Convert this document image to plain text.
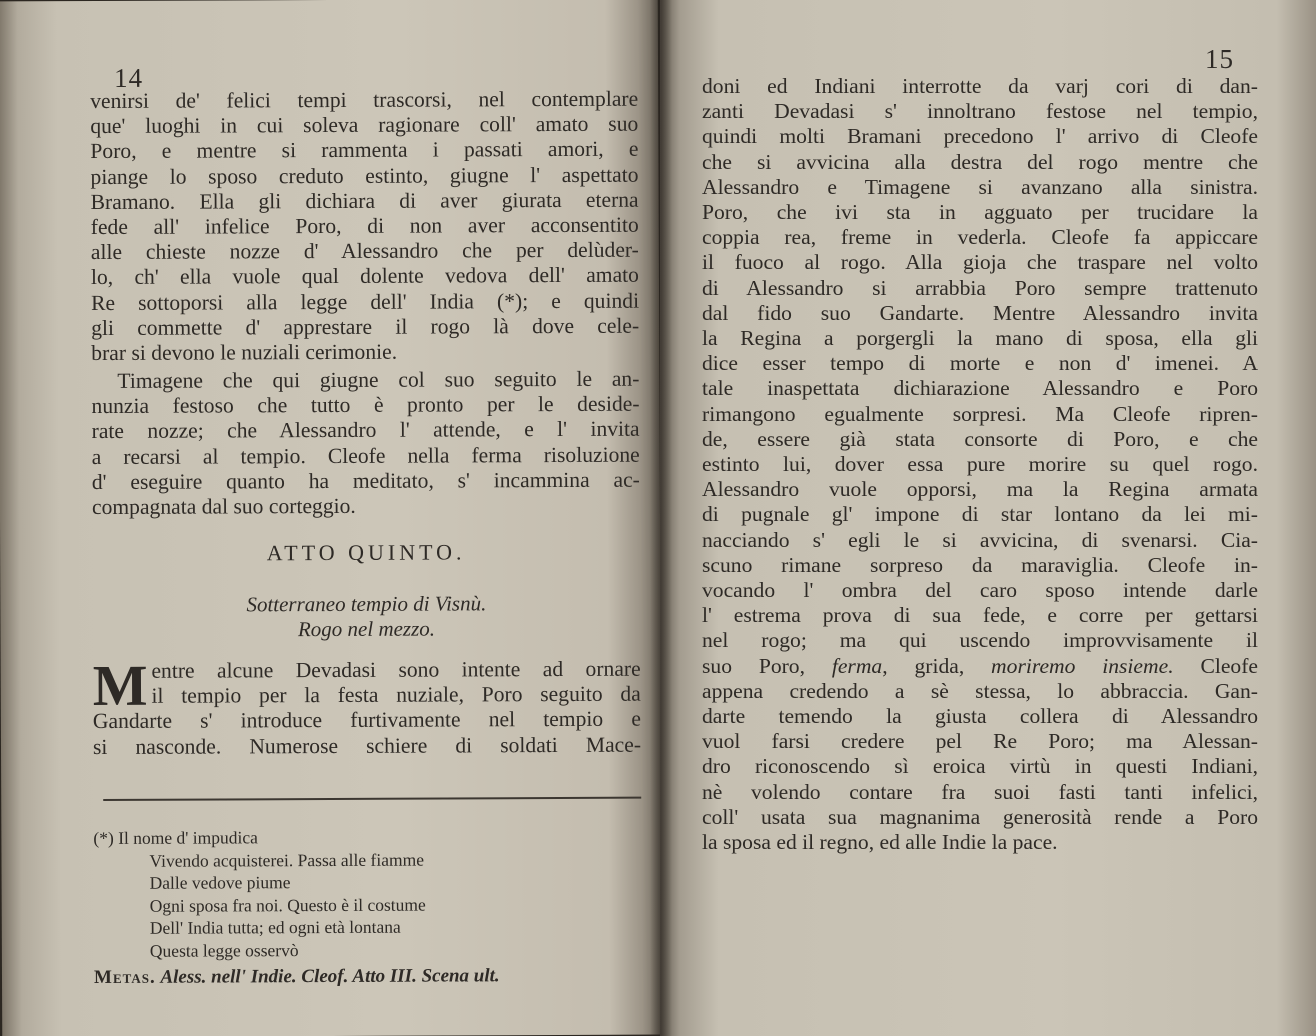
14
venirsi de' felici tempi trascorsi, nel contemplare
que' luoghi in cui soleva ragionare coll' amato suo
Poro, e mentre si rammenta i passati amori, e
piange lo sposo creduto estinto, giugne l' aspettato
Bramano. Ella gli dichiara di aver giurata eterna
fede all' infelice Poro, di non aver acconsentito
alle chieste nozze d' Alessandro che per delùder-
lo, ch' ella vuole qual dolente vedova dell' amato
Re sottoporsi alla legge dell' India (*); e quindi
gli commette d' apprestare il rogo là dove cele-
brar si devono le nuziali cerimonie.
Timagene che qui giugne col suo seguito le an-
nunzia festoso che tutto è pronto per le deside-
rate nozze; che Alessandro l' attende, e l' invita
a recarsi al tempio. Cleofe nella ferma risoluzione
d' eseguire quanto ha meditato, s' incammina ac-
compagnata dal suo corteggio.
ATTO QUINTO.
Sotterraneo tempio di Visnù.
Rogo nel mezzo.
M entre alcune Devadasi sono intente ad ornare
il tempio per la festa nuziale, Poro seguito da
Gandarte s' introduce furtivamente nel tempio e
si nasconde. Numerose schiere di soldati Mace-
(*) Il nome d' impudica
Vivendo acquisterei. Passa alle fiamme
Dalle vedove piume
Ogni sposa fra noi. Questo è il costume
Dell' India tutta; ed ogni età lontana
Questa legge osservò
Metas. Aless. nell' Indie. Cleof. Atto III. Scena ult.
15
doni ed Indiani interrotte da varj cori di dan-
zanti Devadasi s' innoltrano festose nel tempio,
quindi molti Bramani precedono l' arrivo di Cleofe
che si avvicina alla destra del rogo mentre che
Alessandro e Timagene si avanzano alla sinistra.
Poro, che ivi sta in agguato per trucidare la
coppia rea, freme in vederla. Cleofe fa appiccare
il fuoco al rogo. Alla gioja che traspare nel volto
di Alessandro si arrabbia Poro sempre trattenuto
dal fido suo Gandarte. Mentre Alessandro invita
la Regina a porgergli la mano di sposa, ella gli
dice esser tempo di morte e non d' imenei. A
tale inaspettata dichiarazione Alessandro e Poro
rimangono egualmente sorpresi. Ma Cleofe ripren-
de, essere già stata consorte di Poro, e che
estinto lui, dover essa pure morire su quel rogo.
Alessandro vuole opporsi, ma la Regina armata
di pugnale gl' impone di star lontano da lei mi-
nacciando s' egli le si avvicina, di svenarsi. Cia-
scuno rimane sorpreso da maraviglia. Cleofe in-
vocando l' ombra del caro sposo intende darle
l' estrema prova di sua fede, e corre per gettarsi
nel rogo; ma qui uscendo improvvisamente il
suo Poro, ferma, grida, moriremo insieme. Cleofe
appena credendo a sè stessa, lo abbraccia. Gan-
darte temendo la giusta collera di Alessandro
vuol farsi credere pel Re Poro; ma Alessan-
dro riconoscendo sì eroica virtù in questi Indiani,
nè volendo contare fra suoi fasti tanti infelici,
coll' usata sua magnanima generosità rende a Poro
la sposa ed il regno, ed alle Indie la pace.
